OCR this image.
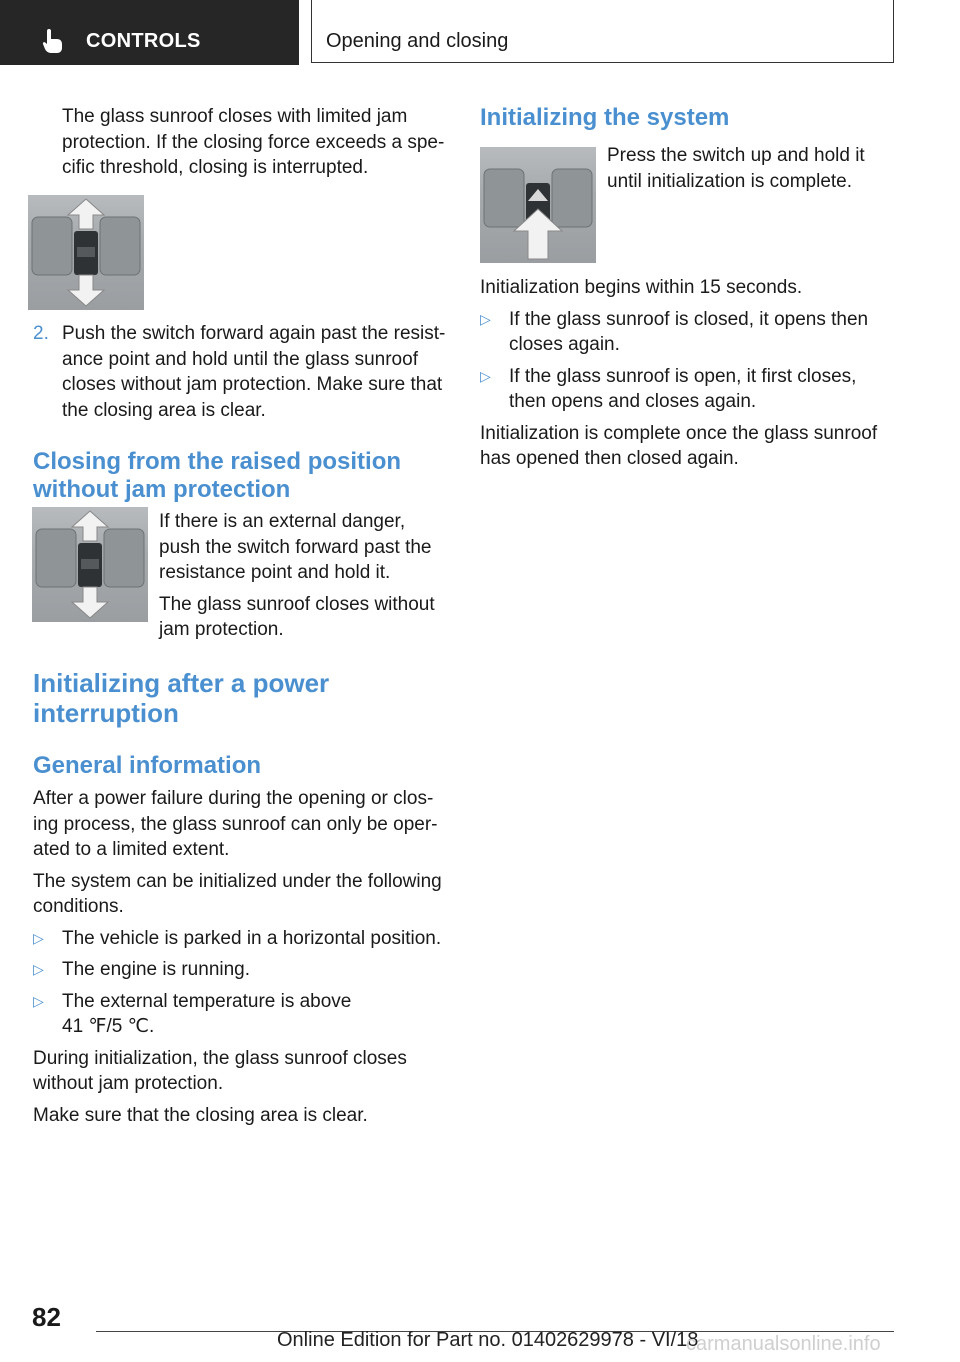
CONTROLS	Opening and closing

The glass sunroof closes with limited jam protection. If the closing force exceeds a spe‐ cific threshold, closing is interrupted.

2. Push the switch forward again past the resist‐ ance point and hold until the glass sunroof closes without jam protection. Make sure that the closing area is clear.
Closing from the raised position without jam protection

If there is an external danger, push the switch forward past the resistance point and hold it.

The glass sunroof closes without jam protection.

Initializing after a power interruption
General information

After a power failure during the opening or clos‐ ing process, the glass sunroof can only be oper‐ ated to a limited extent.

The system can be initialized under the following conditions.

▷ The vehicle is parked in a horizontal position.
▷ The engine is running.
▷ The external temperature is above 41 ℉/5 ℃.

During initialization, the glass sunroof closes without jam protection.

Make sure that the closing area is clear.

Initializing the system
Press the switch up and hold it until initialization is complete.

Initialization begins within 15 seconds.

▷ If the glass sunroof is closed, it opens then closes again.
▷ If the glass sunroof is open, it first closes, then opens and closes again.

Initialization is complete once the glass sunroof has opened then closed again.

82
Online Edition for Part no. 01402629978 - VI/18
carmanualsonline.info
